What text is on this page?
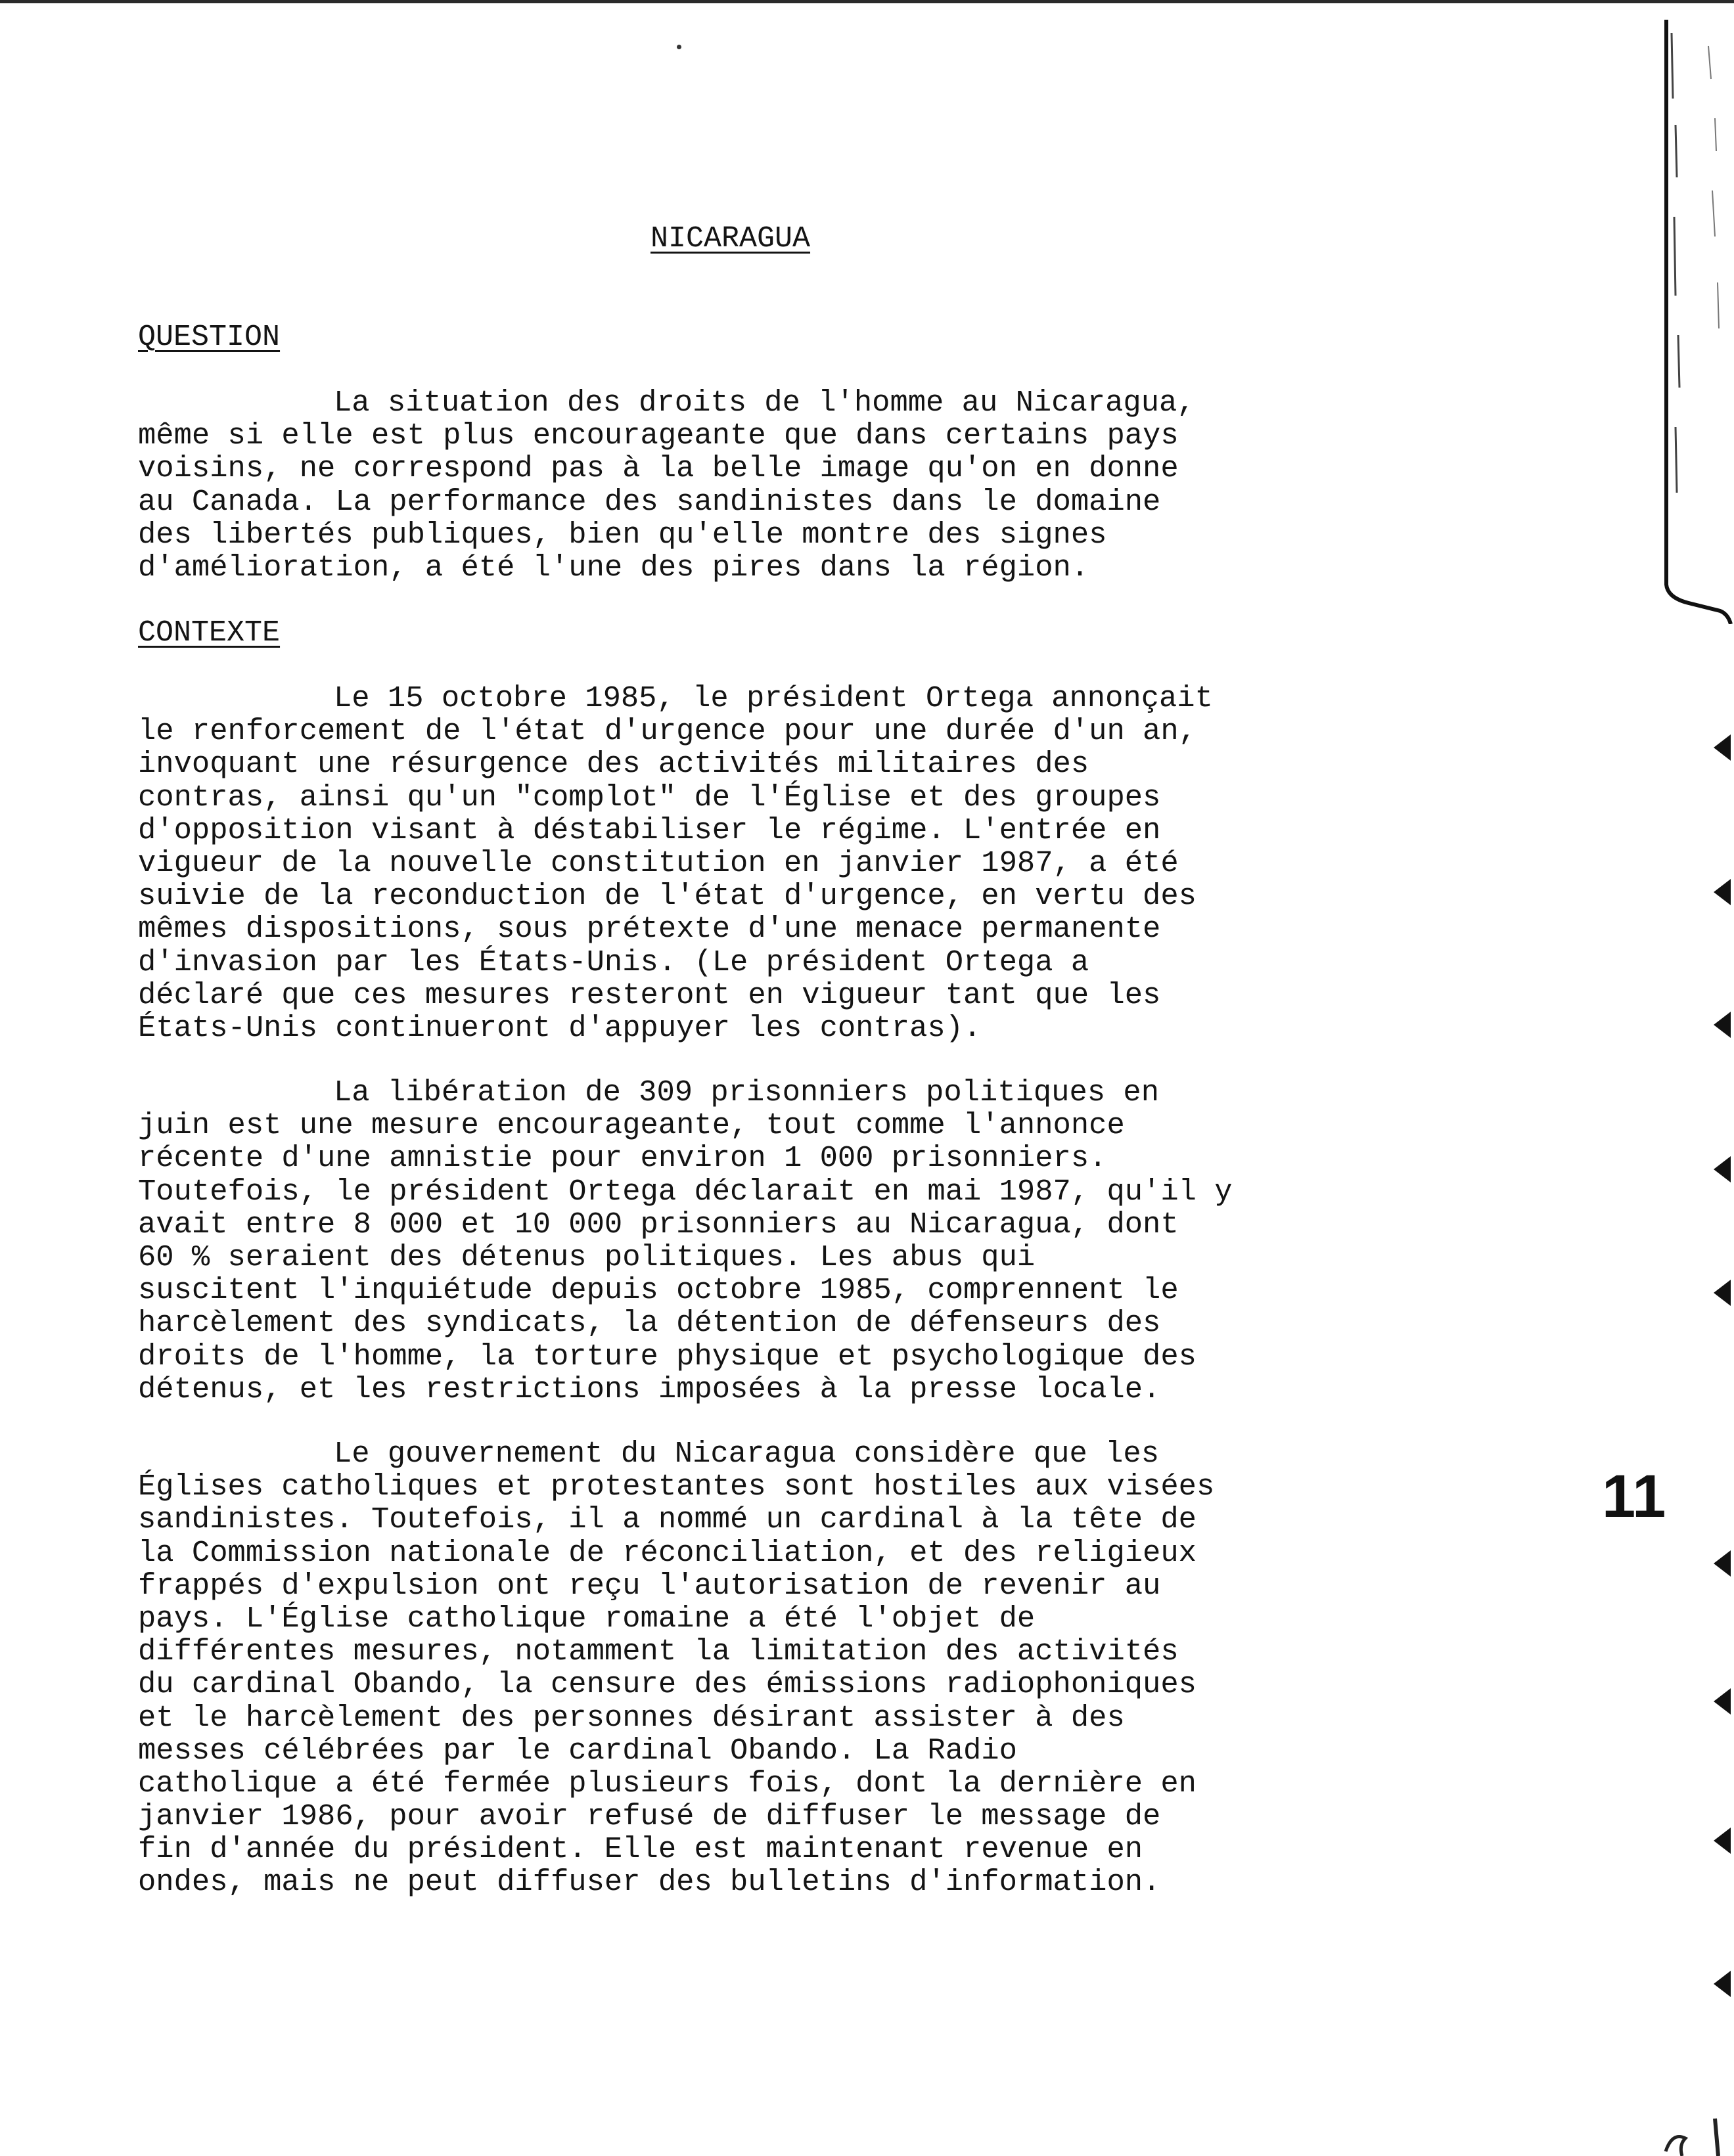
NICARAGUA
QUESTION
La situation des droits de l'homme au Nicaragua,
même si elle est plus encourageante que dans certains pays
voisins, ne correspond pas à la belle image qu'on en donne
au Canada. La performance des sandinistes dans le domaine
des libertés publiques, bien qu'elle montre des signes
d'amélioration, a été l'une des pires dans la région.
CONTEXTE
Le 15 octobre 1985, le président Ortega annonçait
le renforcement de l'état d'urgence pour une durée d'un an,
invoquant une résurgence des activités militaires des
contras, ainsi qu'un "complot" de l'Église et des groupes
d'opposition visant à déstabiliser le régime. L'entrée en
vigueur de la nouvelle constitution en janvier 1987, a été
suivie de la reconduction de l'état d'urgence, en vertu des
mêmes dispositions, sous prétexte d'une menace permanente
d'invasion par les États-Unis. (Le président Ortega a
déclaré que ces mesures resteront en vigueur tant que les
États-Unis continueront d'appuyer les contras).
La libération de 309 prisonniers politiques en
juin est une mesure encourageante, tout comme l'annonce
récente d'une amnistie pour environ 1 000 prisonniers.
Toutefois, le président Ortega déclarait en mai 1987, qu'il y
avait entre 8 000 et 10 000 prisonniers au Nicaragua, dont
60 % seraient des détenus politiques. Les abus qui
suscitent l'inquiétude depuis octobre 1985, comprennent le
harcèlement des syndicats, la détention de défenseurs des
droits de l'homme, la torture physique et psychologique des
détenus, et les restrictions imposées à la presse locale.
Le gouvernement du Nicaragua considère que les
Églises catholiques et protestantes sont hostiles aux visées
sandinistes. Toutefois, il a nommé un cardinal à la tête de
la Commission nationale de réconciliation, et des religieux
frappés d'expulsion ont reçu l'autorisation de revenir au
pays. L'Église catholique romaine a été l'objet de
différentes mesures, notamment la limitation des activités
du cardinal Obando, la censure des émissions radiophoniques
et le harcèlement des personnes désirant assister à des
messes célébrées par le cardinal Obando. La Radio
catholique a été fermée plusieurs fois, dont la dernière en
janvier 1986, pour avoir refusé de diffuser le message de
fin d'année du président. Elle est maintenant revenue en
ondes, mais ne peut diffuser des bulletins d'information.
11
